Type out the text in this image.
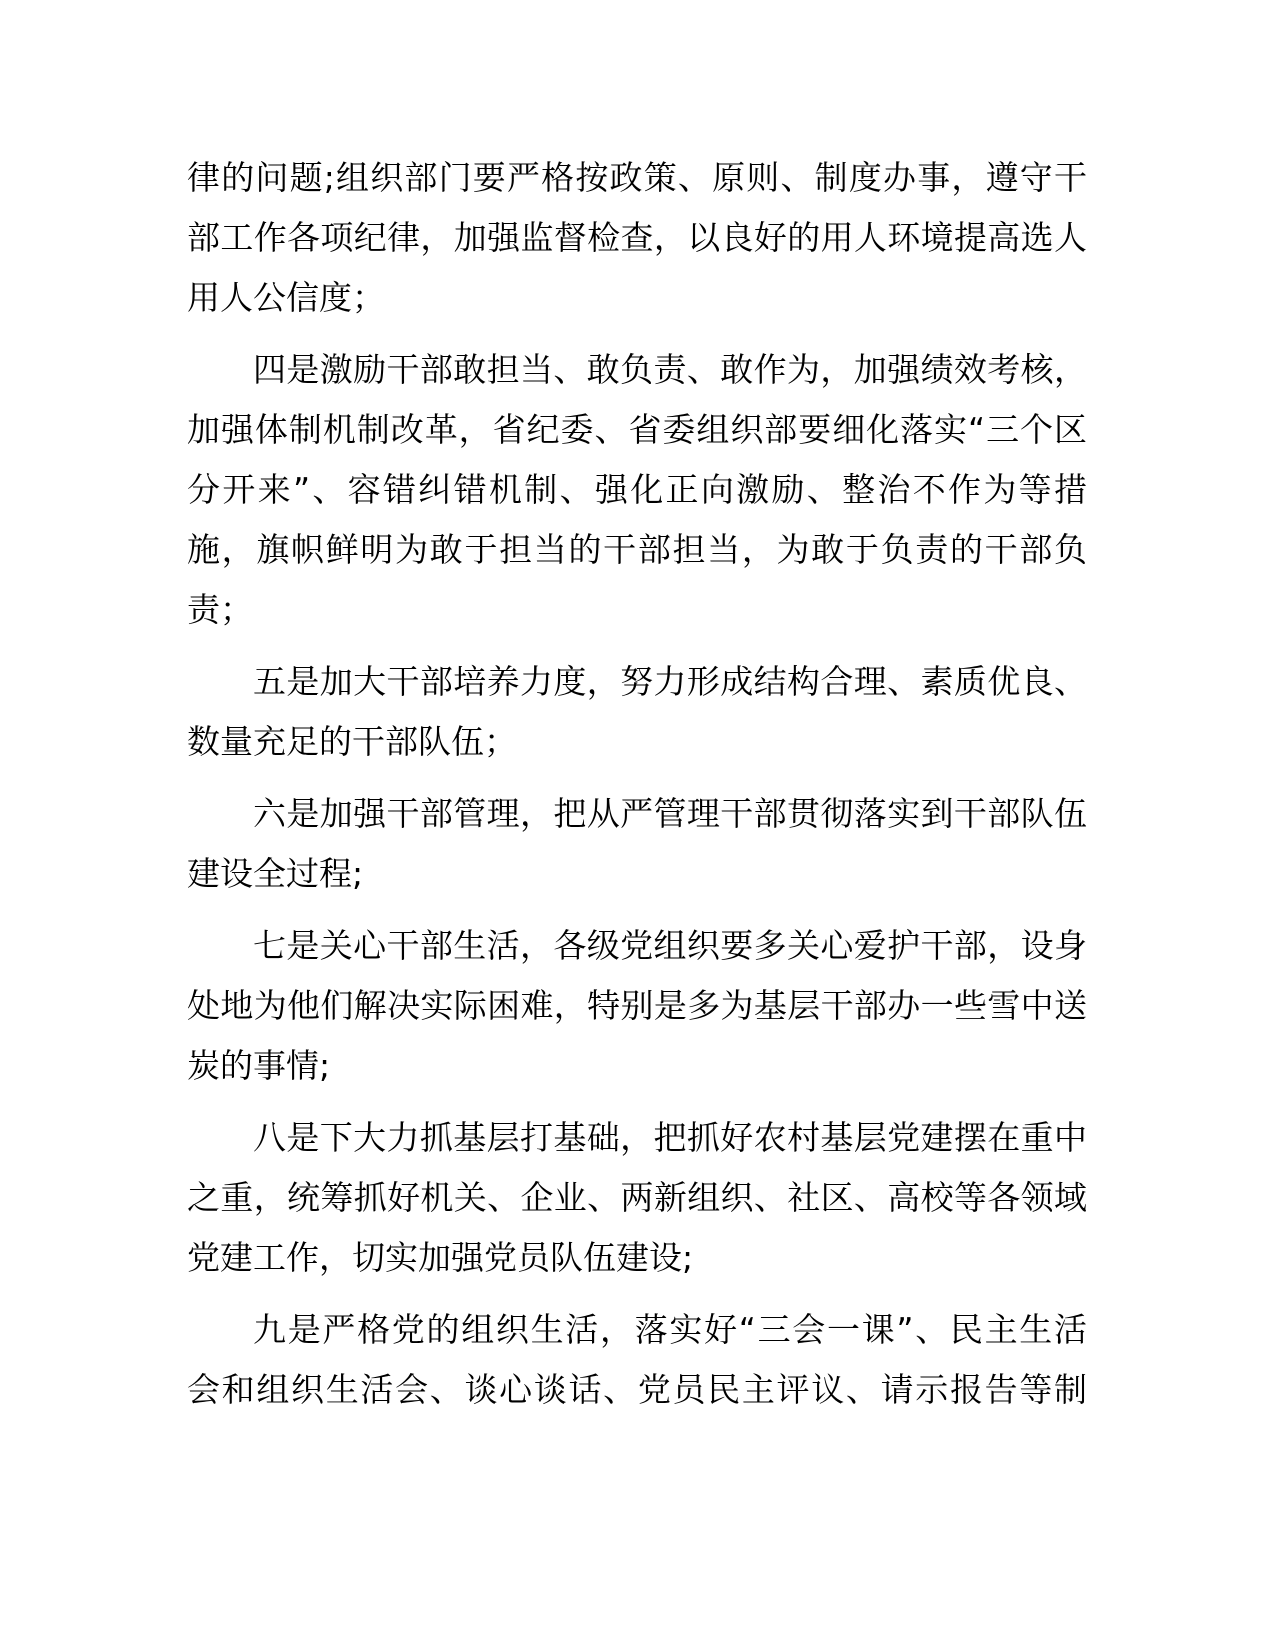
律的问题;组织部门要严格按政策、原则、制度办事，遵守干
部工作各项纪律，加强监督检查，以良好的用人环境提高选人
用人公信度；

四是激励干部敢担当、敢负责、敢作为，加强绩效考核，
加强体制机制改革，省纪委、省委组织部要细化落实“三个区
分开来”、容错纠错机制、强化正向激励、整治不作为等措
施，旗帜鲜明为敢于担当的干部担当，为敢于负责的干部负
责；

五是加大干部培养力度，努力形成结构合理、素质优良、
数量充足的干部队伍；

六是加强干部管理，把从严管理干部贯彻落实到干部队伍
建设全过程;

七是关心干部生活，各级党组织要多关心爱护干部，设身
处地为他们解决实际困难，特别是多为基层干部办一些雪中送
炭的事情;

八是下大力抓基层打基础，把抓好农村基层党建摆在重中
之重，统筹抓好机关、企业、两新组织、社区、高校等各领域
党建工作，切实加强党员队伍建设;

九是严格党的组织生活，落实好“三会一课”、民主生活
会和组织生活会、谈心谈话、党员民主评议、请示报告等制
